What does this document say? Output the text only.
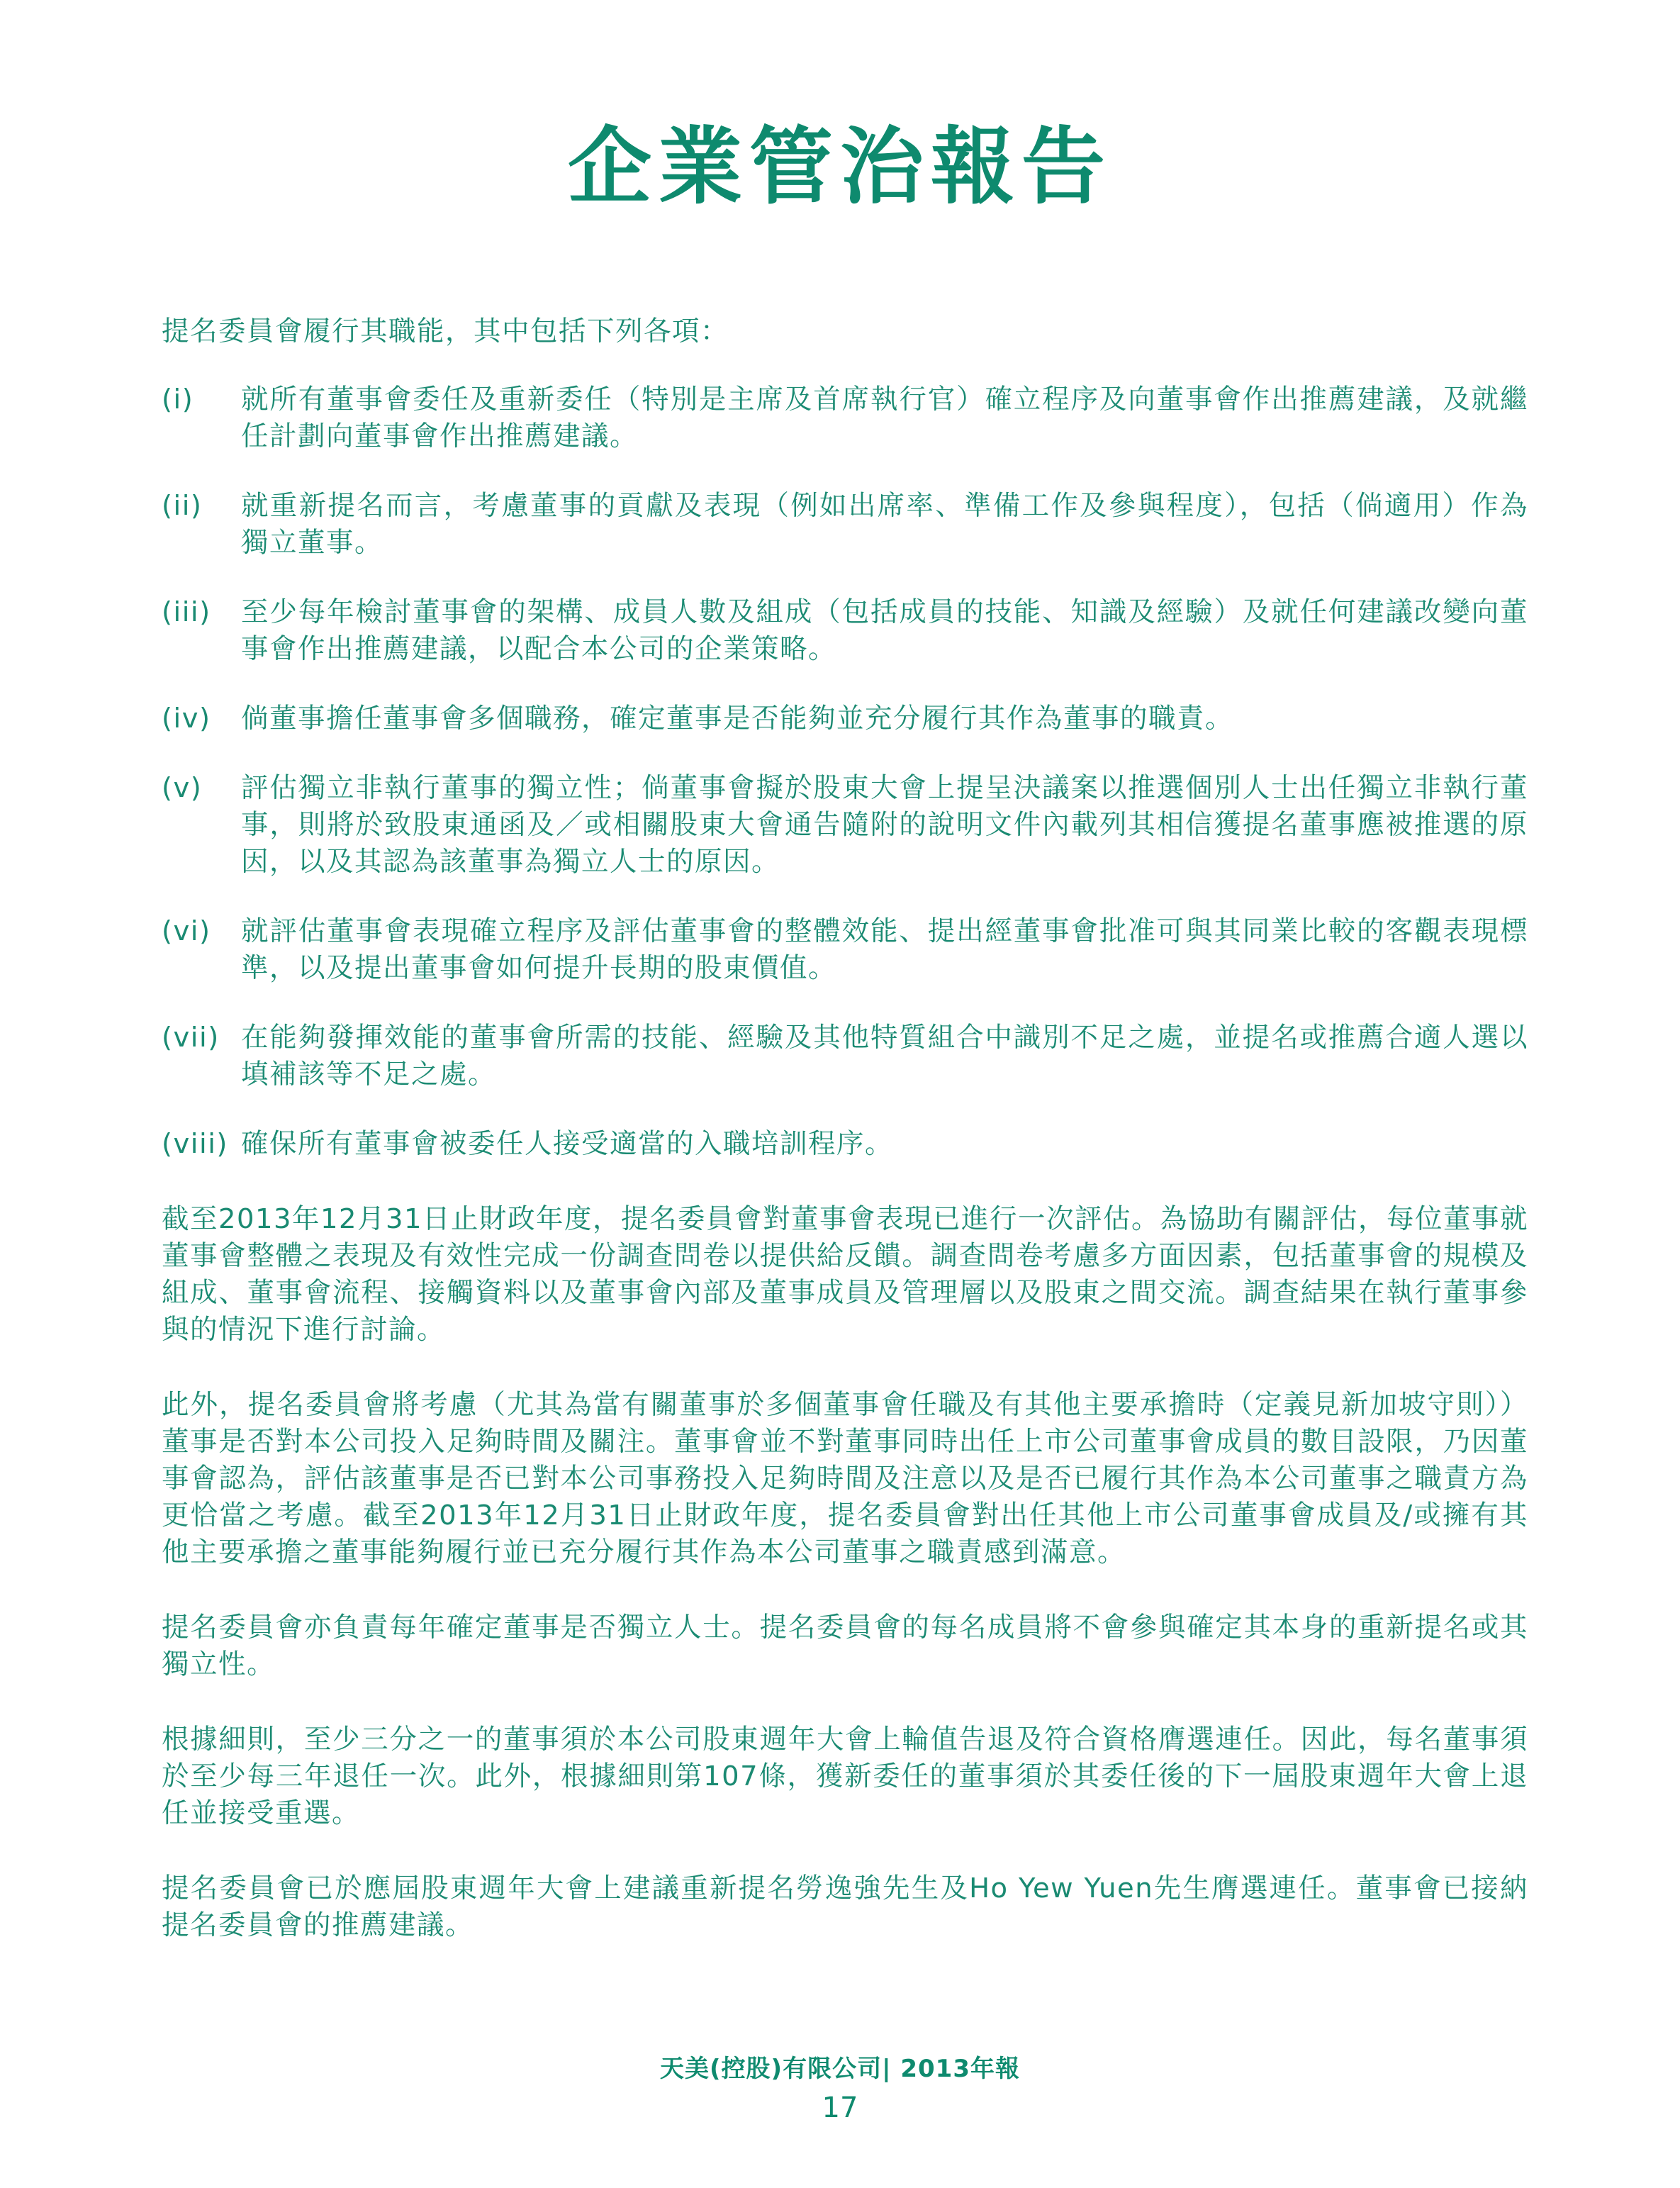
企業管治報告

提名委員會履行其職能，其中包括下列各項：

(i)	就所有董事會委任及重新委任（特別是主席及首席執行官）確立程序及向董事會作出推薦建議，及就繼任計劃向董事會作出推薦建議。
(ii)	就重新提名而言，考慮董事的貢獻及表現（例如出席率、準備工作及參與程度），包括（倘適用）作為獨立董事。
(iii)	至少每年檢討董事會的架構、成員人數及組成（包括成員的技能、知識及經驗）及就任何建議改變向董事會作出推薦建議，以配合本公司的企業策略。
(iv)	倘董事擔任董事會多個職務，確定董事是否能夠並充分履行其作為董事的職責。
(v)	評估獨立非執行董事的獨立性；倘董事會擬於股東大會上提呈決議案以推選個別人士出任獨立非執行董事，則將於致股東通函及／或相關股東大會通告隨附的說明文件內載列其相信獲提名董事應被推選的原因，以及其認為該董事為獨立人士的原因。
(vi)	就評估董事會表現確立程序及評估董事會的整體效能、提出經董事會批准可與其同業比較的客觀表現標準，以及提出董事會如何提升長期的股東價值。
(vii) 在能夠發揮效能的董事會所需的技能、經驗及其他特質組合中識別不足之處，並提名或推薦合適人選以填補該等不足之處。
(viii) 確保所有董事會被委任人接受適當的入職培訓程序。

截至2013年12月31日止財政年度，提名委員會對董事會表現已進行一次評估。為協助有關評估，每位董事就董事會整體之表現及有效性完成一份調查問卷以提供給反饋。調查問卷考慮多方面因素，包括董事會的規模及組成、董事會流程、接觸資料以及董事會內部及董事成員及管理層以及股東之間交流。調查結果在執行董事參與的情況下進行討論。

此外，提名委員會將考慮（尤其為當有關董事於多個董事會任職及有其他主要承擔時（定義見新加坡守則））董事是否對本公司投入足夠時間及關注。董事會並不對董事同時出任上市公司董事會成員的數目設限，乃因董事會認為，評估該董事是否已對本公司事務投入足夠時間及注意以及是否已履行其作為本公司董事之職責方為更恰當之考慮。截至2013年12月31日止財政年度，提名委員會對出任其他上市公司董事會成員及/或擁有其他主要承擔之董事能夠履行並已充分履行其作為本公司董事之職責感到滿意。

提名委員會亦負責每年確定董事是否獨立人士。提名委員會的每名成員將不會參與確定其本身的重新提名或其獨立性。

根據細則，至少三分之一的董事須於本公司股東週年大會上輪值告退及符合資格膺選連任。因此，每名董事須於至少每三年退任一次。此外，根據細則第107條，獲新委任的董事須於其委任後的下一屆股東週年大會上退任並接受重選。

提名委員會已於應屆股東週年大會上建議重新提名勞逸強先生及Ho Yew Yuen先生膺選連任。董事會已接納提名委員會的推薦建議。

天美(控股)有限公司| 2013年報
17
